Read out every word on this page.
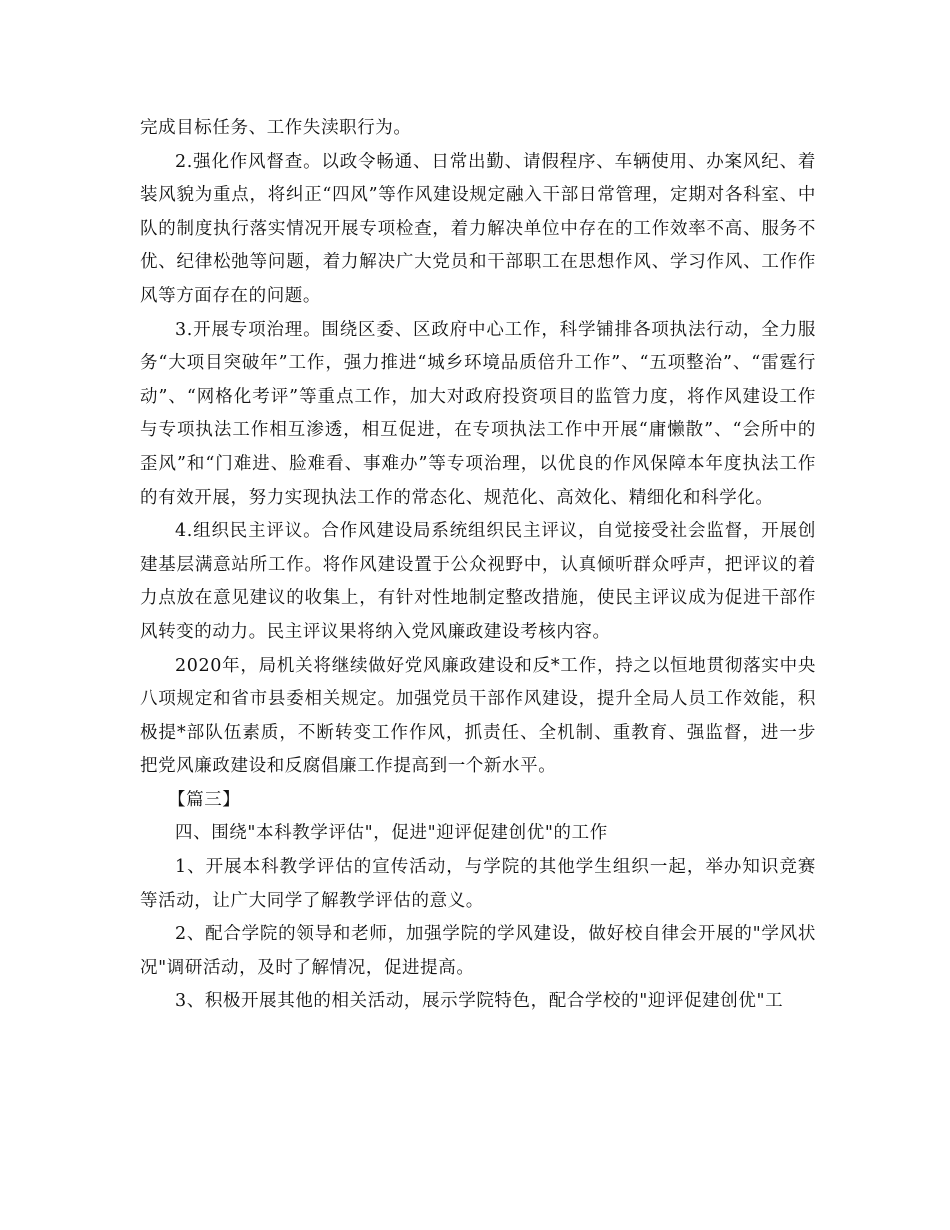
完成目标任务、工作失渎职行为。

2.强化作风督查。以政令畅通、日常出勤、请假程序、车辆使用、办案风纪、着装风貌为重点，将纠正“四风”等作风建设规定融入干部日常管理，定期对各科室、中队的制度执行落实情况开展专项检查，着力解决单位中存在的工作效率不高、服务不优、纪律松弛等问题，着力解决广大党员和干部职工在思想作风、学习作风、工作作风等方面存在的问题。

3.开展专项治理。围绕区委、区政府中心工作，科学铺排各项执法行动，全力服务“大项目突破年”工作，强力推进“城乡环境品质倍升工作”、“五项整治”、“雷霆行动”、“网格化考评”等重点工作，加大对政府投资项目的监管力度，将作风建设工作与专项执法工作相互渗透，相互促进，在专项执法工作中开展“庸懒散”、“会所中的歪风”和“门难进、脸难看、事难办”等专项治理，以优良的作风保障本年度执法工作的有效开展，努力实现执法工作的常态化、规范化、高效化、精细化和科学化。

4.组织民主评议。合作风建设局系统组织民主评议，自觉接受社会监督，开展创建基层满意站所工作。将作风建设置于公众视野中，认真倾听群众呼声，把评议的着力点放在意见建议的收集上，有针对性地制定整改措施，使民主评议成为促进干部作风转变的动力。民主评议果将纳入党风廉政建设考核内容。

2020年，局机关将继续做好党风廉政建设和反*工作，持之以恒地贯彻落实中央八项规定和省市县委相关规定。加强党员干部作风建设，提升全局人员工作效能，积极提*部队伍素质，不断转变工作作风，抓责任、全机制、重教育、强监督，进一步把党风廉政建设和反腐倡廉工作提高到一个新水平。

【篇三】

四、围绕"本科教学评估"，促进"迎评促建创优"的工作

1、开展本科教学评估的宣传活动，与学院的其他学生组织一起，举办知识竞赛等活动，让广大同学了解教学评估的意义。

2、配合学院的领导和老师，加强学院的学风建设，做好校自律会开展的"学风状况"调研活动，及时了解情况，促进提高。

3、积极开展其他的相关活动，展示学院特色，配合学校的"迎评促建创优"工
